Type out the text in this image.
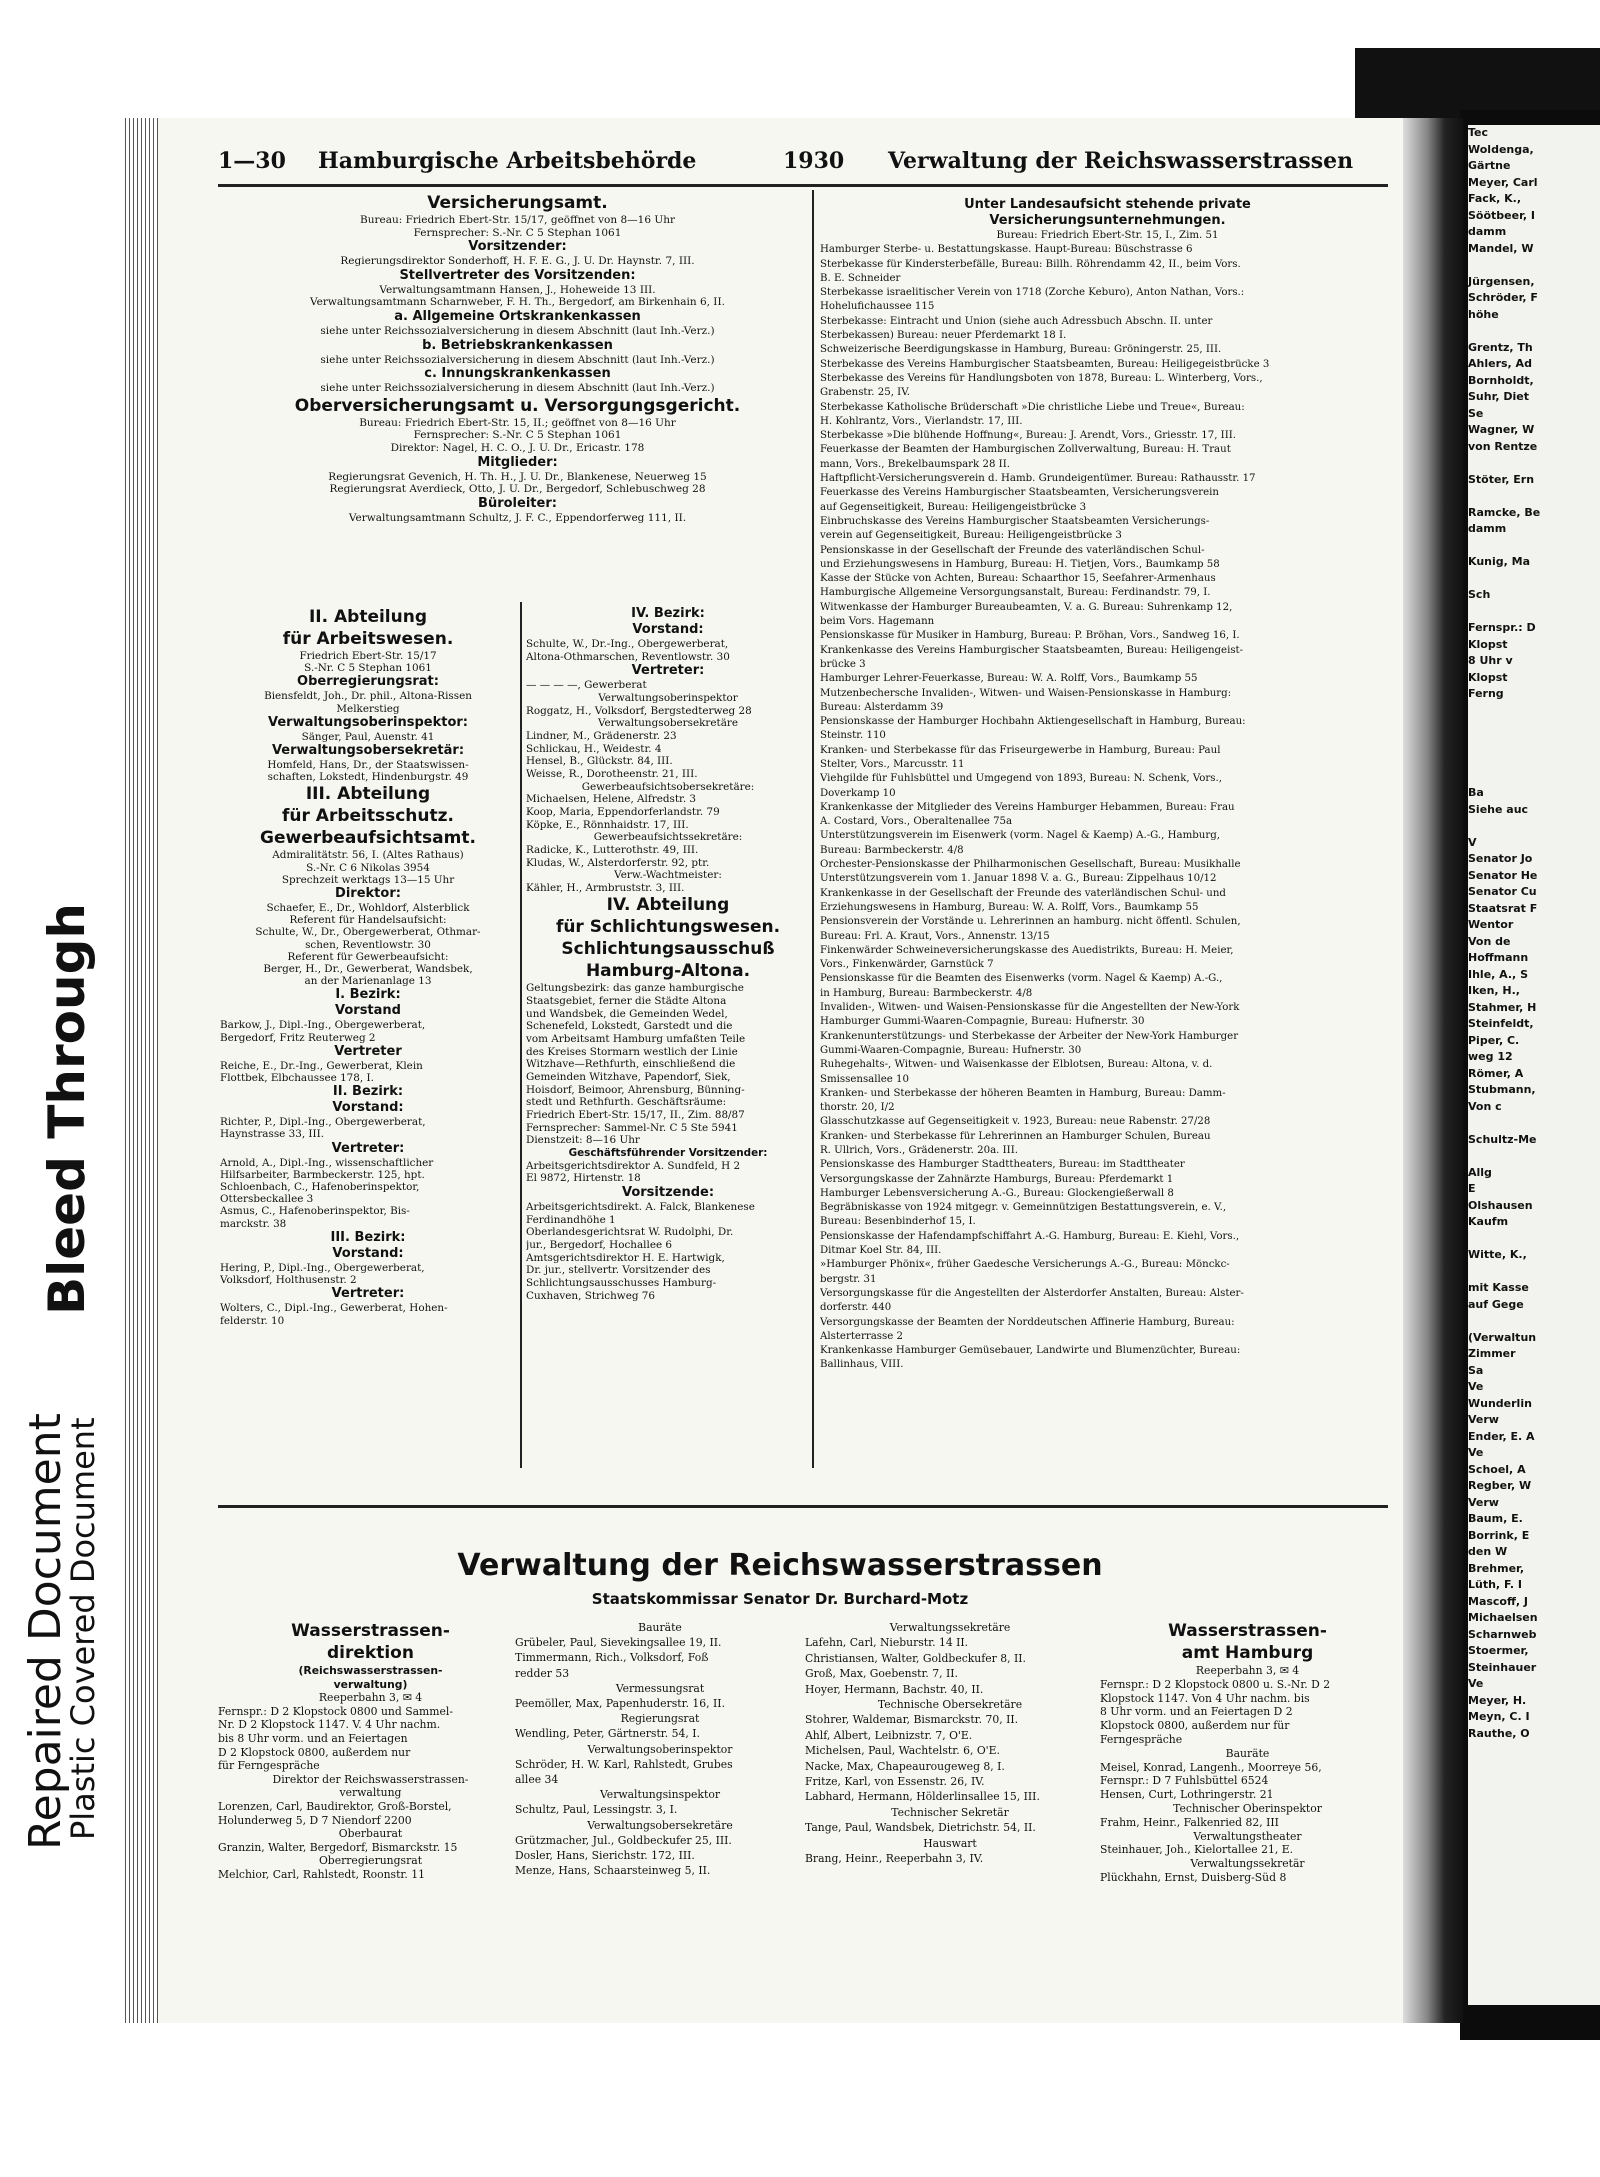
Repaired Document
Bleed Through
Plastic Covered Document
Tec
Woldenga,
Gärtne
Meyer, Carl
Fack, K.,
Söötbeer, I
damm
Mandel, W

Jürgensen,
Schröder, F
höhe

Grentz, Th
Ahlers, Ad
Bornholdt,
Suhr, Diet
Se
Wagner, W
von Rentze

Stöter, Ern

Ramcke, Be
damm

Kunig, Ma

Sch

Fernspr.: D
Klopst
8 Uhr v
Klopst
Ferng

Ba
Siehe auc

V
Senator Jo
Senator He
Senator Cu
Staatsrat F
Wentor
Von de
Hoffmann
Ihle, A., S
Iken, H.,
Stahmer, H
Steinfeldt,
Piper, C.
weg 12
Römer, A
Stubmann,
Von c

Schultz-Me

Allg
E
Olshausen
Kaufm

Witte, K.,

mit Kasse
auf Gege

(Verwaltun
Zimmer
Sa
Ve
Wunderlin
Verw
Ender, E. A
Ve
Schoel, A
Regber, W
Verw
Baum, E.
Borrink, E
den W
Brehmer,
Lüth, F. I
Mascoff, J
Michaelsen
Scharnweb
Stoermer,
Steinhauer
Ve
Meyer, H.
Meyn, C. I
Rauthe, O
1—30 Hamburgische Arbeitsbehörde	1930 Verwaltung der Reichswasserstrassen
Versicherungsamt.
Bureau: Friedrich Ebert-Str. 15/17, geöffnet von 8—16 Uhr
Fernsprecher: S.-Nr. C 5 Stephan 1061
Vorsitzender:
Regierungsdirektor Sonderhoff, H. F. E. G., J. U. Dr. Haynstr. 7, III.
Stellvertreter des Vorsitzenden:
Verwaltungsamtmann Hansen, J., Hoheweide 13 III.
Verwaltungsamtmann Scharnweber, F. H. Th., Bergedorf, am Birkenhain 6, II.
a. Allgemeine Ortskrankenkassen
siehe unter Reichssozialversicherung in diesem Abschnitt (laut Inh.-Verz.)
b. Betriebskrankenkassen
siehe unter Reichssozialversicherung in diesem Abschnitt (laut Inh.-Verz.)
c. Innungskrankenkassen
siehe unter Reichssozialversicherung in diesem Abschnitt (laut Inh.-Verz.)
Oberversicherungsamt u. Versorgungsgericht.
Bureau: Friedrich Ebert-Str. 15, II.; geöffnet von 8—16 Uhr
Fernsprecher: S.-Nr. C 5 Stephan 1061
Direktor: Nagel, H. C. O., J. U. Dr., Ericastr. 178
Mitglieder:
Regierungsrat Gevenich, H. Th. H., J. U. Dr., Blankenese, Neuerweg 15
Regierungsrat Averdieck, Otto, J. U. Dr., Bergedorf, Schlebuschweg 28
Büroleiter:
Verwaltungsamtmann Schultz, J. F. C., Eppendorferweg 111, II.
II. Abteilung
für Arbeitswesen.
Friedrich Ebert-Str. 15/17
S.-Nr. C 5 Stephan 1061
Oberregierungsrat:
Biensfeldt, Joh., Dr. phil., Altona-Rissen
Melkerstieg
Verwaltungsoberinspektor:
Sänger, Paul, Auenstr. 41
Verwaltungsobersekretär:
Homfeld, Hans, Dr., der Staatswissen-
schaften, Lokstedt, Hindenburgstr. 49
III. Abteilung
für Arbeitsschutz.
Gewerbeaufsichtsamt.
Admiralitätstr. 56, I. (Altes Rathaus)
S.-Nr. C 6 Nikolas 3954
Sprechzeit werktags 13—15 Uhr
Direktor:
Schaefer, E., Dr., Wohldorf, Alsterblick
Referent für Handelsaufsicht:
Schulte, W., Dr., Obergewerberat, Othmar-
schen, Reventlowstr. 30
Referent für Gewerbeaufsicht:
Berger, H., Dr., Gewerberat, Wandsbek,
an der Marienanlage 13
I. Bezirk:
Vorstand
Barkow, J., Dipl.-Ing., Obergewerberat,
Bergedorf, Fritz Reuterweg 2
Vertreter
Reiche, E., Dr.-Ing., Gewerberat, Klein
Flottbek, Elbchaussee 178, I.
II. Bezirk:
Vorstand:
Richter, P., Dipl.-Ing., Obergewerberat,
Haynstrasse 33, III.
Vertreter:
Arnold, A., Dipl.-Ing., wissenschaftlicher
Hilfsarbeiter, Barmbeckerstr. 125, hpt.
Schloenbach, C., Hafenoberinspektor,
Ottersbeckallee 3
Asmus, C., Hafenoberinspektor, Bis-
marckstr. 38
III. Bezirk:
Vorstand:
Hering, P., Dipl.-Ing., Obergewerberat,
Volksdorf, Holthusenstr. 2
Vertreter:
Wolters, C., Dipl.-Ing., Gewerberat, Hohen-
felderstr. 10
IV. Bezirk:
Vorstand:
Schulte, W., Dr.-Ing., Obergewerberat,
Altona-Othmarschen, Reventlowstr. 30
Vertreter:
— — — —, Gewerberat
Verwaltungsoberinspektor
Roggatz, H., Volksdorf, Bergstedterweg 28
Verwaltungsobersekretäre
Lindner, M., Grädenerstr. 23
Schlickau, H., Weidestr. 4
Hensel, B., Glückstr. 84, III.
Weisse, R., Dorotheenstr. 21, III.
Gewerbeaufsichtsobersekretäre:
Michaelsen, Helene, Alfredstr. 3
Koop, Maria, Eppendorferlandstr. 79
Köpke, E., Rönnhaidstr. 17, III.
Gewerbeaufsichtssekretäre:
Radicke, K., Lutterothstr. 49, III.
Kludas, W., Alsterdorferstr. 92, ptr.
Verw.-Wachtmeister:
Kähler, H., Armbruststr. 3, III.
IV. Abteilung
für Schlichtungswesen.
Schlichtungsausschuß
Hamburg-Altona.
Geltungsbezirk: das ganze hamburgische
Staatsgebiet, ferner die Städte Altona
und Wandsbek, die Gemeinden Wedel,
Schenefeld, Lokstedt, Garstedt und die
vom Arbeitsamt Hamburg umfaßten Teile
des Kreises Stormarn westlich der Linie
Witzhave—Rethfurth, einschließend die
Gemeinden Witzhave, Papendorf, Siek,
Hoisdorf, Beimoor, Ahrensburg, Bünning-
stedt und Rethfurth. Geschäftsräume:
Friedrich Ebert-Str. 15/17, II., Zim. 88/87
Fernsprecher: Sammel-Nr. C 5 Ste 5941
Dienstzeit: 8—16 Uhr
Geschäftsführender Vorsitzender:
Arbeitsgerichtsdirektor A. Sundfeld, H 2
El 9872, Hirtenstr. 18
Vorsitzende:
Arbeitsgerichtsdirekt. A. Falck, Blankenese
Ferdinandhöhe 1
Oberlandesgerichtsrat W. Rudolphi, Dr.
jur., Bergedorf, Hochallee 6
Amtsgerichtsdirektor H. E. Hartwigk,
Dr. jur., stellvertr. Vorsitzender des
Schlichtungsausschusses Hamburg-
Cuxhaven, Strichweg 76
Unter Landesaufsicht stehende private
Versicherungsunternehmungen.
Bureau: Friedrich Ebert-Str. 15, I., Zim. 51
Hamburger Sterbe- u. Bestattungskasse. Haupt-Bureau: Büschstrasse 6
Sterbekasse für Kindersterbefälle, Bureau: Billh. Röhrendamm 42, II., beim Vors.
B. E. Schneider
Sterbekasse israelitischer Verein von 1718 (Zorche Keburo), Anton Nathan, Vors.:
Hohelufichaussee 115
Sterbekasse: Eintracht und Union (siehe auch Adressbuch Abschn. II. unter
Sterbekassen) Bureau: neuer Pferdemarkt 18 I.
Schweizerische Beerdigungskasse in Hamburg, Bureau: Gröningerstr. 25, III.
Sterbekasse des Vereins Hamburgischer Staatsbeamten, Bureau: Heiligegeistbrücke 3
Sterbekasse des Vereins für Handlungsboten von 1878, Bureau: L. Winterberg, Vors.,
Grabenstr. 25, IV.
Sterbekasse Katholische Brüderschaft »Die christliche Liebe und Treue«, Bureau:
H. Kohlrantz, Vors., Vierlandstr. 17, III.
Sterbekasse »Die blühende Hoffnung«, Bureau: J. Arendt, Vors., Griesstr. 17, III.
Feuerkasse der Beamten der Hamburgischen Zollverwaltung, Bureau: H. Traut
mann, Vors., Brekelbaumspark 28 II.
Haftpflicht-Versicherungsverein d. Hamb. Grundeigentümer. Bureau: Rathausstr. 17
Feuerkasse des Vereins Hamburgischer Staatsbeamten, Versicherungsverein
auf Gegenseitigkeit, Bureau: Heiligengeistbrücke 3
Einbruchskasse des Vereins Hamburgischer Staatsbeamten Versicherungs-
verein auf Gegenseitigkeit, Bureau: Heiligengeistbrücke 3
Pensionskasse in der Gesellschaft der Freunde des vaterländischen Schul-
und Erziehungswesens in Hamburg, Bureau: H. Tietjen, Vors., Baumkamp 58
Kasse der Stücke von Achten, Bureau: Schaarthor 15, Seefahrer-Armenhaus
Hamburgische Allgemeine Versorgungsanstalt, Bureau: Ferdinandstr. 79, I.
Witwenkasse der Hamburger Bureaubeamten, V. a. G. Bureau: Suhrenkamp 12,
beim Vors. Hagemann
Pensionskasse für Musiker in Hamburg, Bureau: P. Bröhan, Vors., Sandweg 16, I.
Krankenkasse des Vereins Hamburgischer Staatsbeamten, Bureau: Heiligengeist-
brücke 3
Hamburger Lehrer-Feuerkasse, Bureau: W. A. Rolff, Vors., Baumkamp 55
Mutzenbechersche Invaliden-, Witwen- und Waisen-Pensionskasse in Hamburg:
Bureau: Alsterdamm 39
Pensionskasse der Hamburger Hochbahn Aktiengesellschaft in Hamburg, Bureau:
Steinstr. 110
Kranken- und Sterbekasse für das Friseurgewerbe in Hamburg, Bureau: Paul
Stelter, Vors., Marcusstr. 11
Viehgilde für Fuhlsbüttel und Umgegend von 1893, Bureau: N. Schenk, Vors.,
Doverkamp 10
Krankenkasse der Mitglieder des Vereins Hamburger Hebammen, Bureau: Frau
A. Costard, Vors., Oberaltenallee 75a
Unterstützungsverein im Eisenwerk (vorm. Nagel & Kaemp) A.-G., Hamburg,
Bureau: Barmbeckerstr. 4/8
Orchester-Pensionskasse der Philharmonischen Gesellschaft, Bureau: Musikhalle
Unterstützungsverein vom 1. Januar 1898 V. a. G., Bureau: Zippelhaus 10/12
Krankenkasse in der Gesellschaft der Freunde des vaterländischen Schul- und
Erziehungswesens in Hamburg, Bureau: W. A. Rolff, Vors., Baumkamp 55
Pensionsverein der Vorstände u. Lehrerinnen an hamburg. nicht öffentl. Schulen,
Bureau: Frl. A. Kraut, Vors., Annenstr. 13/15
Finkenwärder Schweineversicherungskasse des Auedistrikts, Bureau: H. Meier,
Vors., Finkenwärder, Garnstück 7
Pensionskasse für die Beamten des Eisenwerks (vorm. Nagel & Kaemp) A.-G.,
in Hamburg, Bureau: Barmbeckerstr. 4/8
Invaliden-, Witwen- und Waisen-Pensionskasse für die Angestellten der New-York
Hamburger Gummi-Waaren-Compagnie, Bureau: Hufnerstr. 30
Krankenunterstützungs- und Sterbekasse der Arbeiter der New-York Hamburger
Gummi-Waaren-Compagnie, Bureau: Hufnerstr. 30
Ruhegehalts-, Witwen- und Waisenkasse der Elblotsen, Bureau: Altona, v. d.
Smissensallee 10
Kranken- und Sterbekasse der höheren Beamten in Hamburg, Bureau: Damm-
thorstr. 20, I/2
Glasschutzkasse auf Gegenseitigkeit v. 1923, Bureau: neue Rabenstr. 27/28
Kranken- und Sterbekasse für Lehrerinnen an Hamburger Schulen, Bureau
R. Ullrich, Vors., Grädenerstr. 20a. III.
Pensionskasse des Hamburger Stadttheaters, Bureau: im Stadttheater
Versorgungskasse der Zahnärzte Hamburgs, Bureau: Pferdemarkt 1
Hamburger Lebensversicherung A.-G., Bureau: Glockengießerwall 8
Begräbniskasse von 1924 mitgegr. v. Gemeinnützigen Bestattungsverein, e. V.,
Bureau: Besenbinderhof 15, I.
Pensionskasse der Hafendampfschiffahrt A.-G. Hamburg, Bureau: E. Kiehl, Vors.,
Ditmar Koel Str. 84, III.
»Hamburger Phönix«, früher Gaedesche Versicherungs A.-G., Bureau: Mönckc-
bergstr. 31
Versorgungskasse für die Angestellten der Alsterdorfer Anstalten, Bureau: Alster-
dorferstr. 440
Versorgungskasse der Beamten der Norddeutschen Affinerie Hamburg, Bureau:
Alsterterrasse 2
Krankenkasse Hamburger Gemüsebauer, Landwirte und Blumenzüchter, Bureau:
Ballinhaus, VIII.
Verwaltung der Reichswasserstrassen
Staatskommissar Senator Dr. Burchard-Motz
Wasserstrassen-
direktion
(Reichswasserstrassen-
verwaltung)
Reeperbahn 3, ✉ 4
Fernspr.: D 2 Klopstock 0800 und Sammel-
Nr. D 2 Klopstock 1147. V. 4 Uhr nachm.
bis 8 Uhr vorm. und an Feiertagen
D 2 Klopstock 0800, außerdem nur
für Ferngespräche
Direktor der Reichswasserstrassen-
verwaltung
Lorenzen, Carl, Baudirektor, Groß-Borstel,
Holunderweg 5, D 7 Niendorf 2200
Oberbaurat
Granzin, Walter, Bergedorf, Bismarckstr. 15
Oberregierungsrat
Melchior, Carl, Rahlstedt, Roonstr. 11
Bauräte
Grübeler, Paul, Sievekingsallee 19, II.
Timmermann, Rich., Volksdorf, Foß
redder 53
Vermessungsrat
Peemöller, Max, Papenhuderstr. 16, II.
Regierungsrat
Wendling, Peter, Gärtnerstr. 54, I.
Verwaltungsoberinspektor
Schröder, H. W. Karl, Rahlstedt, Grubes
allee 34
Verwaltungsinspektor
Schultz, Paul, Lessingstr. 3, I.
Verwaltungsobersekretäre
Grützmacher, Jul., Goldbeckufer 25, III.
Dosler, Hans, Sierichstr. 172, III.
Menze, Hans, Schaarsteinweg 5, II.
Verwaltungssekretäre
Lafehn, Carl, Nieburstr. 14 II.
Christiansen, Walter, Goldbeckufer 8, II.
Groß, Max, Goebenstr. 7, II.
Hoyer, Hermann, Bachstr. 40, II.
Technische Obersekretäre
Stohrer, Waldemar, Bismarckstr. 70, II.
Ahlf, Albert, Leibnizstr. 7, O'E.
Michelsen, Paul, Wachtelstr. 6, O'E.
Nacke, Max, Chapeaurougeweg 8, I.
Fritze, Karl, von Essenstr. 26, IV.
Labhard, Hermann, Hölderlinsallee 15, III.
Technischer Sekretär
Tange, Paul, Wandsbek, Dietrichstr. 54, II.
Hauswart
Brang, Heinr., Reeperbahn 3, IV.
Wasserstrassen-
amt Hamburg
Reeperbahn 3, ✉ 4
Fernspr.: D 2 Klopstock 0800 u. S.-Nr. D 2
Klopstock 1147. Von 4 Uhr nachm. bis
8 Uhr vorm. und an Feiertagen D 2
Klopstock 0800, außerdem nur für
Ferngespräche
Bauräte
Meisel, Konrad, Langenh., Moorreye 56,
Fernspr.: D 7 Fuhlsbüttel 6524
Hensen, Curt, Lothringerstr. 21
Technischer Oberinspektor
Frahm, Heinr., Falkenried 82, III
Verwaltungstheater
Steinhauer, Joh., Kielortallee 21, E.
Verwaltungssekretär
Plückhahn, Ernst, Duisberg-Süd 8
